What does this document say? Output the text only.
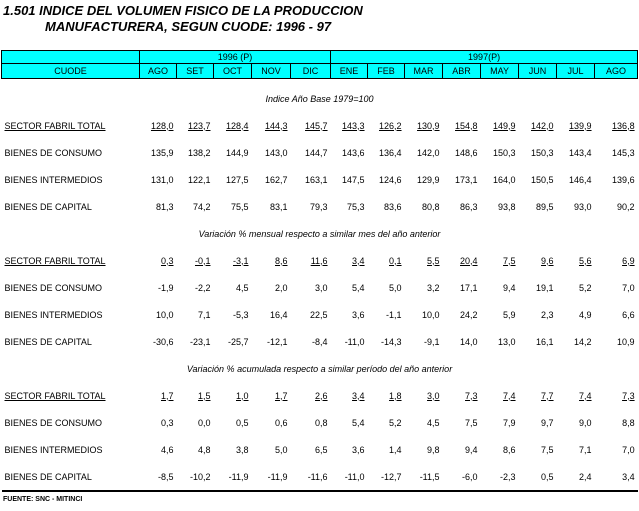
1.501 INDICE DEL VOLUMEN FISICO DE LA PRODUCCION
MANUFACTURERA, SEGUN CUODE: 1996 - 97
	1996 (P)					1997(P)							
CUODE	AGO	SET	OCT	NOV	DIC	ENE	FEB	MAR	ABR	MAY	JUN	JUL	AGO
Indice Año Base 1979=100													
SECTOR FABRIL TOTAL	128,0	123,7	128,4	144,3	145,7	143,3	126,2	130,9	154,8	149,9	142,0	139,9	136,8
BIENES DE CONSUMO	135,9	138,2	144,9	143,0	144,7	143,6	136,4	142,0	148,6	150,3	150,3	143,4	145,3
BIENES INTERMEDIOS	131,0	122,1	127,5	162,7	163,1	147,5	124,6	129,9	173,1	164,0	150,5	146,4	139,6
BIENES DE CAPITAL	81,3	74,2	75,5	83,1	79,3	75,3	83,6	80,8	86,3	93,8	89,5	93,0	90,2
Variación % mensual respecto a similar mes del año anterior													
SECTOR FABRIL TOTAL	0,3	-0,1	-3,1	8,6	11,6	3,4	0,1	5,5	20,4	7,5	9,6	5,6	6,9
BIENES DE CONSUMO	-1,9	-2,2	4,5	2,0	3,0	5,4	5,0	3,2	17,1	9,4	19,1	5,2	7,0
BIENES INTERMEDIOS	10,0	7,1	-5,3	16,4	22,5	3,6	-1,1	10,0	24,2	5,9	2,3	4,9	6,6
BIENES DE CAPITAL	-30,6	-23,1	-25,7	-12,1	-8,4	-11,0	-14,3	-9,1	14,0	13,0	16,1	14,2	10,9
Variación % acumulada respecto a similar período del año anterior													
SECTOR FABRIL TOTAL	1,7	1,5	1,0	1,7	2,6	3,4	1,8	3,0	7,3	7,4	7,7	7,4	7,3
BIENES DE CONSUMO	0,3	0,0	0,5	0,6	0,8	5,4	5,2	4,5	7,5	7,9	9,7	9,0	8,8
BIENES INTERMEDIOS	4,6	4,8	3,8	5,0	6,5	3,6	1,4	9,8	9,4	8,6	7,5	7,1	7,0
BIENES DE CAPITAL	-8,5	-10,2	-11,9	-11,9	-11,6	-11,0	-12,7	-11,5	-6,0	-2,3	0,5	2,4	3,4
FUENTE: SNC - MITINCI
